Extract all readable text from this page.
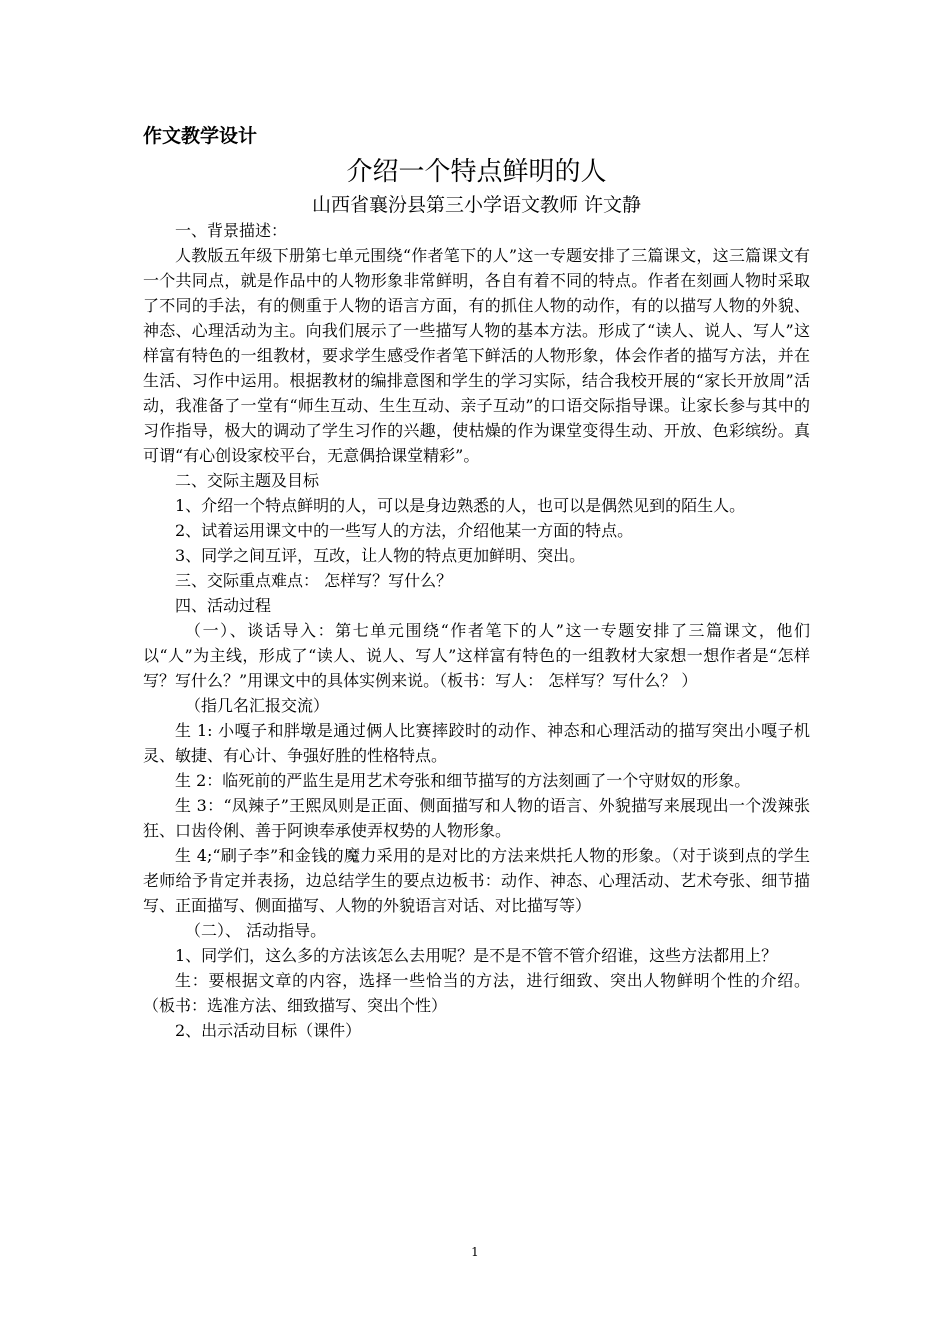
作文教学设计
介绍一个特点鲜明的人
山西省襄汾县第三小学语文教师 许文静

一、背景描述：

人教版五年级下册第七单元围绕“作者笔下的人”这一专题安排了三篇课文，这三篇课文有一个共同点，就是作品中的人物形象非常鲜明，各自有着不同的特点。作者在刻画人物时采取了不同的手法，有的侧重于人物的语言方面，有的抓住人物的动作，有的以描写人物的外貌、神态、心理活动为主。向我们展示了一些描写人物的基本方法。形成了“读人、说人、写人”这样富有特色的一组教材，要求学生感受作者笔下鲜活的人物形象，体会作者的描写方法，并在生活、习作中运用。根据教材的编排意图和学生的学习实际，结合我校开展的“家长开放周”活动，我准备了一堂有“师生互动、生生互动、亲子互动”的口语交际指导课。让家长参与其中的习作指导，极大的调动了学生习作的兴趣，使枯燥的作为课堂变得生动、开放、色彩缤纷。真可谓“有心创设家校平台，无意偶拾课堂精彩”。

二、交际主题及目标

1、介绍一个特点鲜明的人，可以是身边熟悉的人，也可以是偶然见到的陌生人。

2、试着运用课文中的一些写人的方法，介绍他某一方面的特点。

3、同学之间互评，互改，让人物的特点更加鲜明、突出。

三、交际重点难点： 怎样写？写什么？

四、活动过程

（一）、谈话导入：第七单元围绕“作者笔下的人”这一专题安排了三篇课文，他们以“人”为主线，形成了“读人、说人、写人”这样富有特色的一组教材大家想一想作者是“怎样写？写什么？”用课文中的具体实例来说。（板书：写人： 怎样写？写什么？ ）

（指几名汇报交流）

生 1: 小嘎子和胖墩是通过俩人比赛摔跤时的动作、神态和心理活动的描写突出小嘎子机灵、敏捷、有心计、争强好胜的性格特点。

生 2：临死前的严监生是用艺术夸张和细节描写的方法刻画了一个守财奴的形象。

生 3：“凤辣子”王熙凤则是正面、侧面描写和人物的语言、外貌描写来展现出一个泼辣张狂、口齿伶俐、善于阿谀奉承使弄权势的人物形象。

生 4;“刷子李”和金钱的魔力采用的是对比的方法来烘托人物的形象。（对于谈到点的学生老师给予肯定并表扬，边总结学生的要点边板书：动作、神态、心理活动、艺术夸张、细节描写、正面描写、侧面描写、人物的外貌语言对话、对比描写等）

（二）、 活动指导。

1、同学们，这么多的方法该怎么去用呢？是不是不管不管介绍谁，这些方法都用上？

生：要根据文章的内容，选择一些恰当的方法，进行细致、突出人物鲜明个性的介绍。 （板书：选准方法、细致描写、突出个性）

2、出示活动目标（课件）

1
